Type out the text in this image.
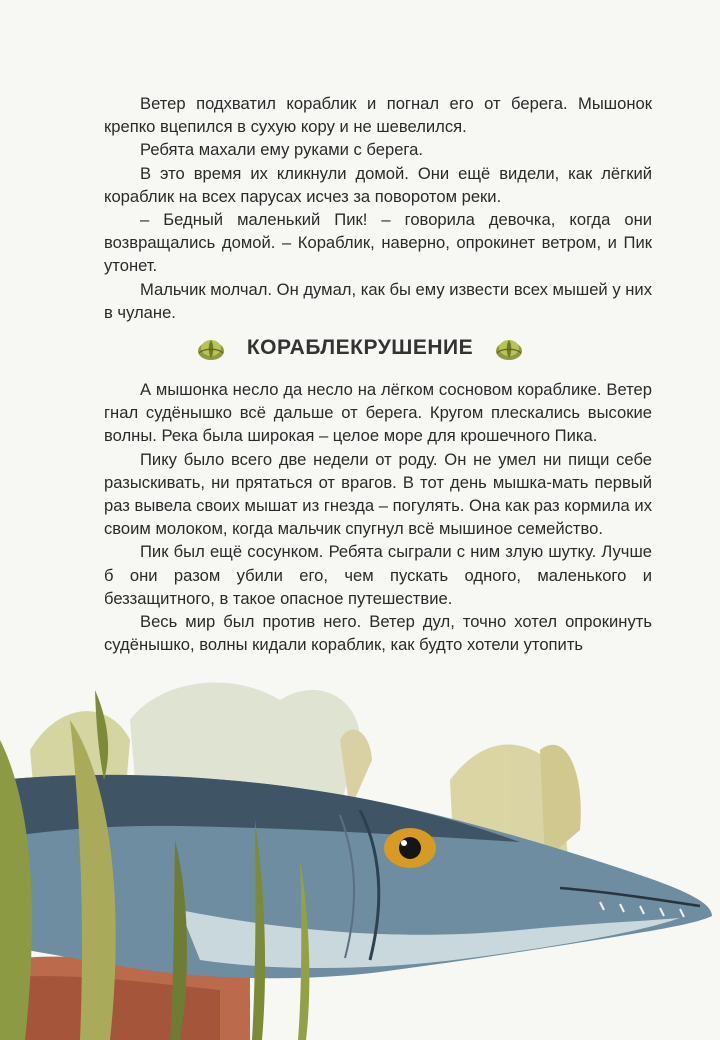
Ветер подхватил кораблик и погнал его от берега. Мышонок крепко вцепился в сухую кору и не шевелился.

Ребята махали ему руками с берега.

В это время их кликнули домой. Они ещё видели, как лёгкий кораблик на всех парусах исчез за поворотом реки.

– Бедный маленький Пик! – говорила девочка, когда они возвращались домой. – Кораблик, наверно, опрокинет ветром, и Пик утонет.

Мальчик молчал. Он думал, как бы ему извести всех мышей у них в чулане.

КОРАБЛЕКРУШЕНИЕ

А мышонка несло да несло на лёгком сосновом кораблике. Ветер гнал судёнышко всё дальше от берега. Кругом плескались высокие волны. Река была широкая – целое море для крошечного Пика.

Пику было всего две недели от роду. Он не умел ни пищи себе разыскивать, ни прятаться от врагов. В тот день мышка-мать первый раз вывела своих мышат из гнезда – погулять. Она как раз кормила их своим молоком, когда мальчик спугнул всё мышиное семейство.

Пик был ещё сосунком. Ребята сыграли с ним злую шутку. Лучше б они разом убили его, чем пускать одного, маленького и беззащитного, в такое опасное путешествие.

Весь мир был против него. Ветер дул, точно хотел опрокинуть судёнышко, волны кидали кораблик, как будто хотели утопить
